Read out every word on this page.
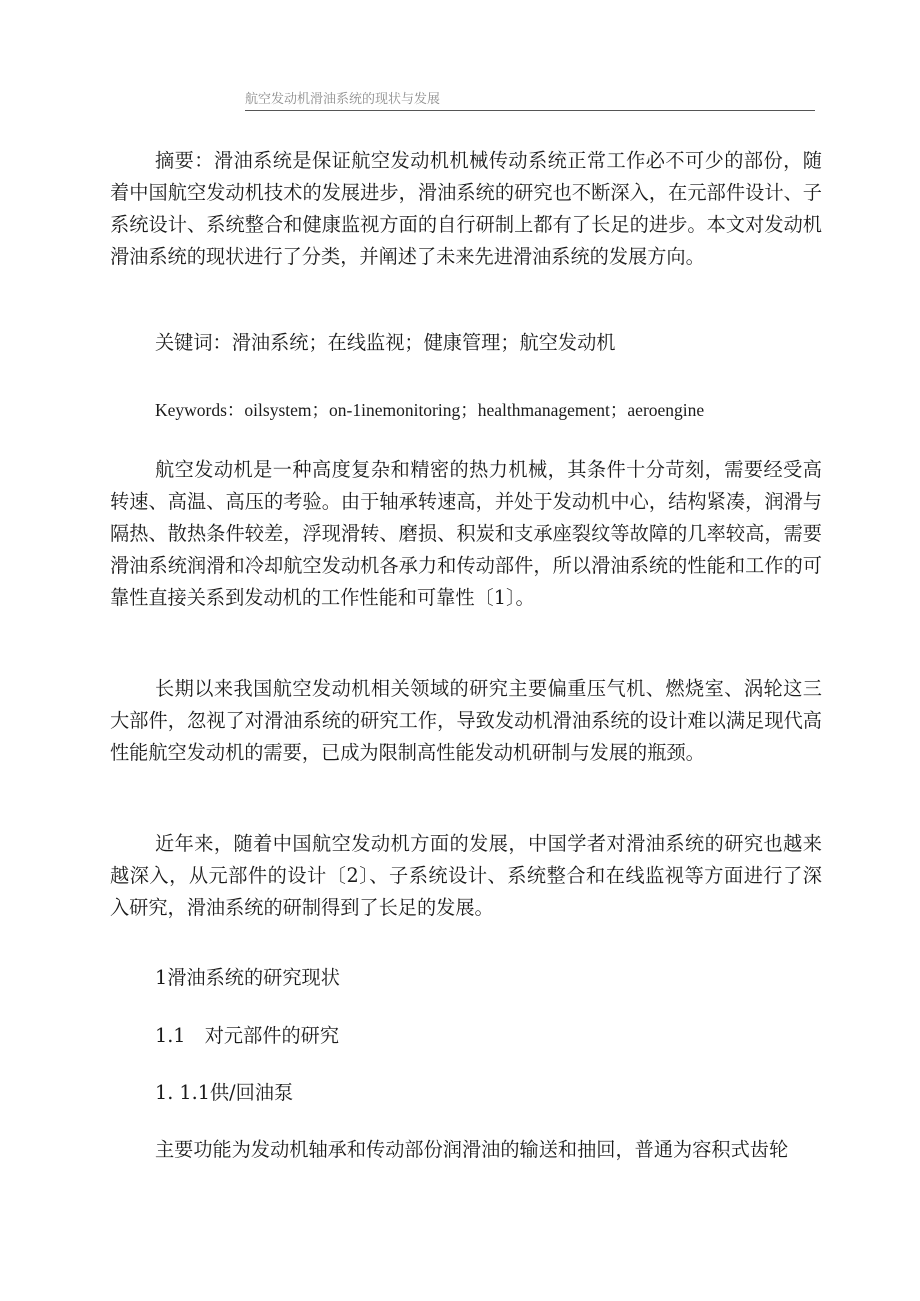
航空发动机滑油系统的现状与发展

摘要：滑油系统是保证航空发动机机械传动系统正常工作必不可少的部份，随着中国航空发动机技术的发展进步，滑油系统的研究也不断深入，在元部件设计、子系统设计、系统整合和健康监视方面的自行研制上都有了长足的进步。本文对发动机滑油系统的现状进行了分类，并阐述了未来先进滑油系统的发展方向。

关键词：滑油系统；在线监视；健康管理；航空发动机

Keywords：oilsystem；on-1inemonitoring；healthmanagement；aeroengine

航空发动机是一种高度复杂和精密的热力机械，其条件十分苛刻，需要经受高转速、高温、高压的考验。由于轴承转速高，并处于发动机中心，结构紧凑，润滑与隔热、散热条件较差，浮现滑转、磨损、积炭和支承座裂纹等故障的几率较高，需要滑油系统润滑和冷却航空发动机各承力和传动部件，所以滑油系统的性能和工作的可靠性直接关系到发动机的工作性能和可靠性〔1〕。

长期以来我国航空发动机相关领域的研究主要偏重压气机、燃烧室、涡轮这三大部件，忽视了对滑油系统的研究工作，导致发动机滑油系统的设计难以满足现代高性能航空发动机的需要，已成为限制高性能发动机研制与发展的瓶颈。

近年来，随着中国航空发动机方面的发展，中国学者对滑油系统的研究也越来越深入，从元部件的设计〔2〕、子系统设计、系统整合和在线监视等方面进行了深入研究，滑油系统的研制得到了长足的发展。

1滑油系统的研究现状

1.1　对元部件的研究

1. 1.1供/回油泵

主要功能为发动机轴承和传动部份润滑油的输送和抽回，普通为容积式齿轮
